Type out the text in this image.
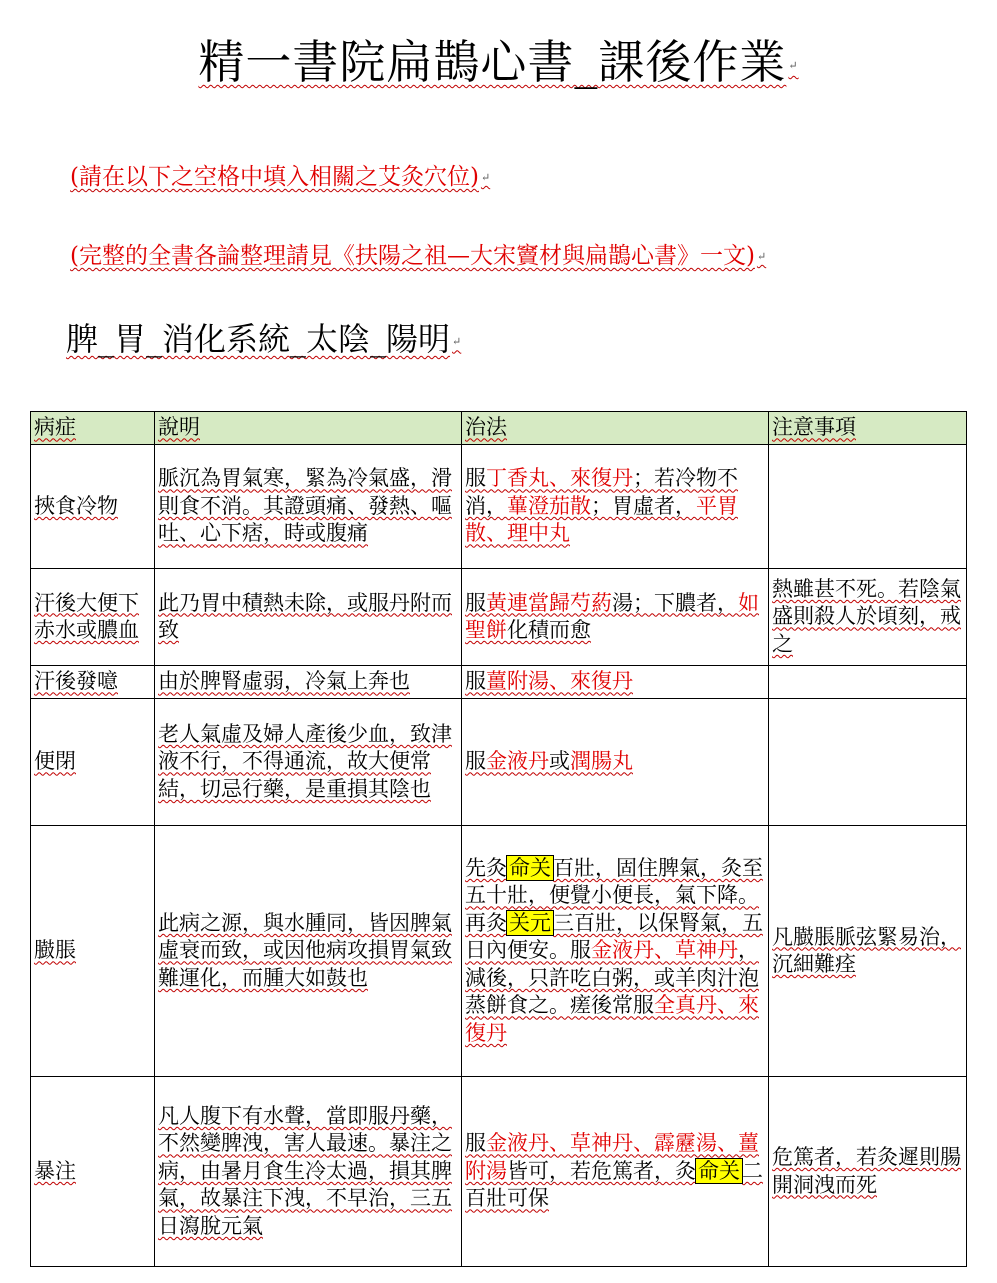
精一書院扁鵲心書_課後作業 ↵
(請在以下之空格中填入相關之艾灸穴位) ↵
(完整的全書各論整理請見《扶陽之祖—大宋竇材與扁鵲心書》一文) ↵
脾_胃_消化系統_太陰_陽明 ↵
病症	說明	治法	注意事項
挾食冷物	脈沉為胃氣寒，緊為冷氣盛，滑則食不消。其證頭痛、發熱、嘔吐、心下痞，時或腹痛	服丁香丸、來復丹；若冷物不消，蓽澄茄散；胃虛者，平胃散、理中丸	
汗後大便下赤水或膿血	此乃胃中積熱未除，或服丹附而致	服黃連當歸芍葯湯；下膿者，如聖餅化積而愈	熱雖甚不死。若陰氣盛則殺人於頃刻，戒之
汗後發噫	由於脾腎虛弱，冷氣上奔也	服薑附湯、來復丹	
便閉	老人氣虛及婦人產後少血，致津液不行，不得通流，故大便常結，切忌行藥，是重損其陰也	服金液丹或潤腸丸	
臌脹	此病之源，與水腫同，皆因脾氣虛衰而致，或因他病攻損胃氣致難運化，而腫大如鼓也	先灸命关百壯，固住脾氣，灸至五十壯，便覺小便長，氣下降。再灸关元三百壯，以保腎氣，五日內便安。服金液丹、草神丹，減後，只許吃白粥，或羊肉汁泡蒸餅食之。瘥後常服全真丹、來復丹	凡臌脹脈弦緊易治，沉細難痊
暴注	凡人腹下有水聲，當即服丹藥，不然變脾洩，害人最速。暴注之病，由暑月食生冷太過，損其脾氣，故暴注下洩，不早治，三五日瀉脫元氣	服金液丹、草神丹、霹靂湯、薑附湯皆可，若危篤者，灸命关二百壯可保	危篤者，若灸遲則腸開洞洩而死
